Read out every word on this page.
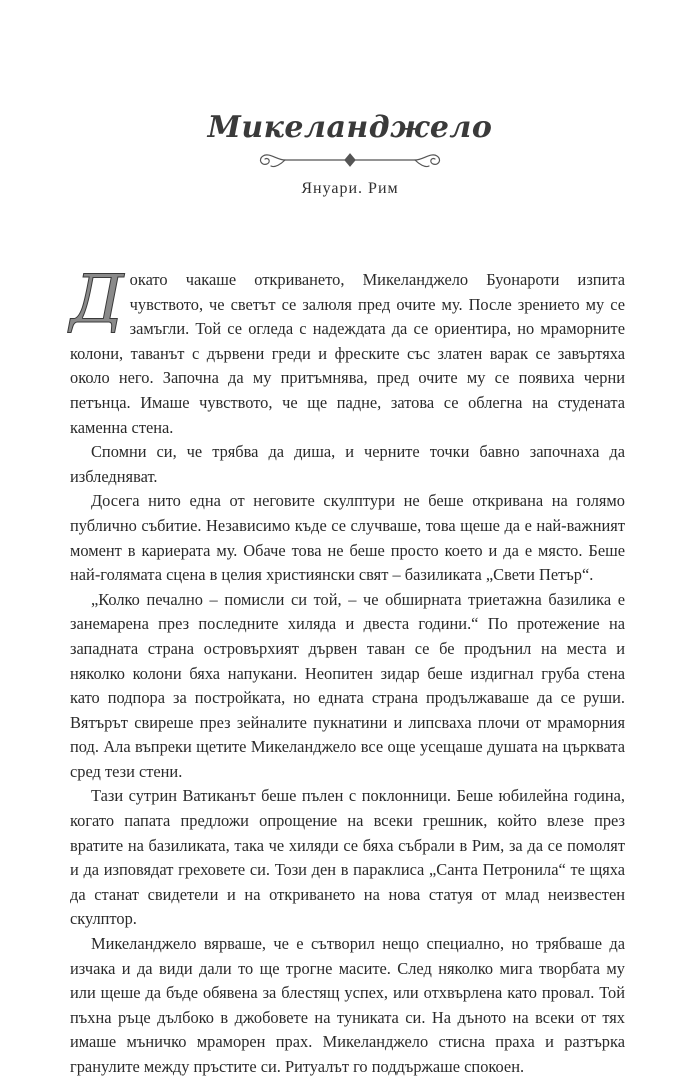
Микеланджело
Януари. Рим

Докато чакаше откриването, Микеланджело Буонароти изпита чувството, че светът се залюля пред очите му. После зрението му се замъгли. Той се огледа с надеждата да се ориентира, но мраморните колони, таванът с дървени греди и фреските със златен варак се завъртяха около него. Започна да му притъмнява, пред очите му се появиха черни петънца. Имаше чувството, че ще падне, затова се облегна на студената каменна стена.

Спомни си, че трябва да диша, и черните точки бавно започнаха да избледняват.

Досега нито една от неговите скулптури не беше откривана на голямо публично събитие. Независимо къде се случваше, това щеше да е най-важният момент в кариерата му. Обаче това не беше просто което и да е място. Беше най-голямата сцена в целия християнски свят – базиликата „Свети Петър“.

„Колко печално – помисли си той, – че обширната триетажна базилика е занемарена през последните хиляда и двеста години.“ По протежение на западната страна островърхият дървен таван се бе продънил на места и няколко колони бяха напукани. Неопитен зидар беше издигнал груба стена като подпора за постройката, но едната страна продължаваше да се руши. Вятърът свиреше през зейналите пукнатини и липсваха плочи от мраморния под. Ала въпреки щетите Микеланджело все още усещаше душата на църквата сред тези стени.

Тази сутрин Ватиканът беше пълен с поклонници. Беше юбилейна година, когато папата предложи опрощение на всеки грешник, който влезе през вратите на базиликата, така че хиляди се бяха събрали в Рим, за да се помолят и да изповядат греховете си. Този ден в параклиса „Санта Петронила“ те щяха да станат свидетели и на откриването на нова статуя от млад неизвестен скулптор.

Микеланджело вярваше, че е сътворил нещо специално, но трябваше да изчака и да види дали то ще трогне масите. След няколко мига творбата му или щеше да бъде обявена за блестящ успех, или отхвърлена като провал. Той пъхна ръце дълбоко в джобовете на туниката си. На дъното на всеки от тях имаше мъничко мраморен прах. Микеланджело стисна праха и разтърка гранулите между пръстите си. Ритуалът го поддържаше спокоен.
